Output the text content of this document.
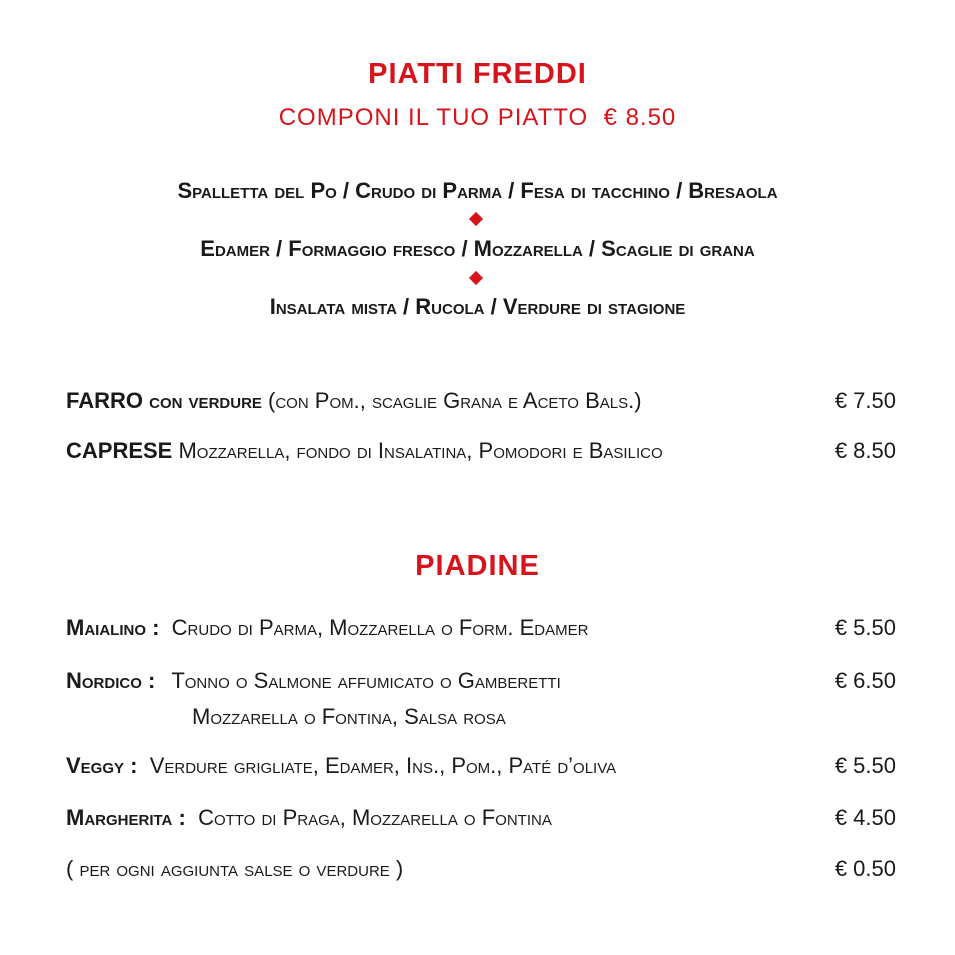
PIATTI FREDDI
COMPONI IL TUO PIATTO € 8.50
Spalletta del Po / Crudo di Parma / Fesa di tacchino / Bresaola
Edamer / Formaggio fresco / Mozzarella / Scaglie di grana
Insalata mista / Rucola / Verdure di stagione
FARRO con verdure (con Pom., scaglie Grana e Aceto Bals.)	€ 7.50
CAPRESE Mozzarella, fondo di Insalatina, Pomodori e Basilico	€ 8.50
PIADINE
Maialino : Crudo di Parma, Mozzarella o Form. Edamer	€ 5.50
Nordico : Tonno o Salmone affumicato o Gamberetti	€ 6.50
Mozzarella o Fontina, Salsa rosa
Veggy : Verdure grigliate, Edamer, Ins., Pom., Paté d’oliva	€ 5.50
Margherita : Cotto di Praga, Mozzarella o Fontina	€ 4.50
( per ogni aggiunta salse o verdure )	€ 0.50
